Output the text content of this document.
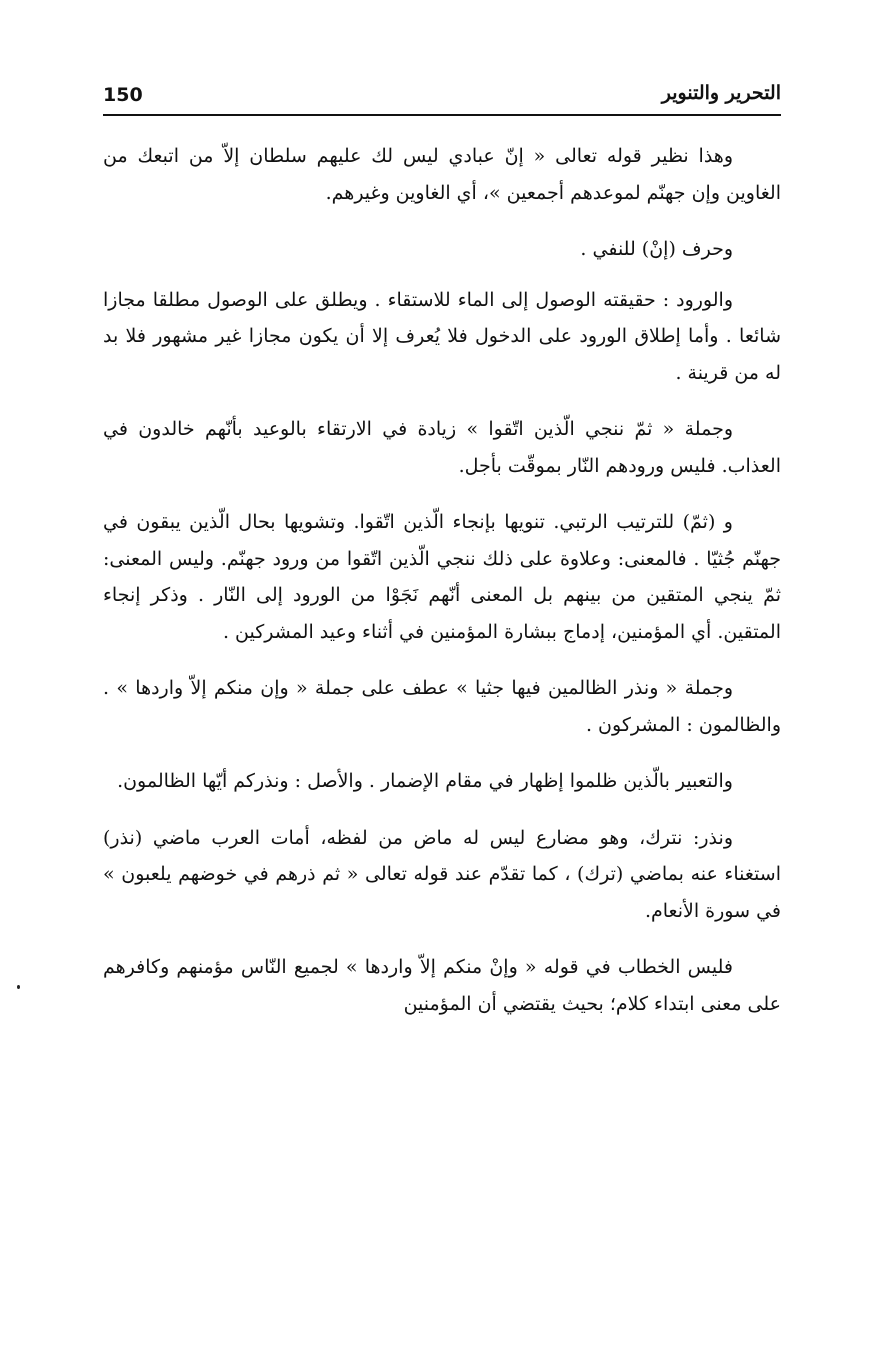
150	التحرير والتنوير

وهذا نظير قوله تعالى « إنّ عبادي ليس لك عليهم سلطان إلاّ من اتبعك من الغاوين وإن جهنّم لموعدهم أجمعين »، أي الغاوين وغيرهم.

وحرف (إنْ) للنفي .

والورود : حقيقته الوصول إلى الماء للاستقاء . ويطلق على الوصول مطلقا مجازا شائعا . وأما إطلاق الورود على الدخول فلا يُعرف إلا أن يكون مجازا غير مشهور فلا بد له من قرينة .

وجملة « ثمّ ننجي الّذين اتّقوا » زيادة في الارتقاء بالوعيد بأنّهم خالدون في العذاب. فليس ورودهم النّار بموقّت بأجل.

و (ثمّ) للترتيب الرتبي. تنويها بإنجاء الّذين اتّقوا. وتشويها بحال الّذين يبقون في جهنّم جُثيّا . فالمعنى: وعلاوة على ذلك ننجي الّذين اتّقوا من ورود جهنّم. وليس المعنى: ثمّ ينجي المتقين من بينهم بل المعنى أنّهم نَجَوْا من الورود إلى النّار . وذكر إنجاء المتقين. أي المؤمنين، إدماج ببشارة المؤمنين في أثناء وعيد المشركين .

وجملة « ونذر الظالمين فيها جثيا » عطف على جملة « وإن منكم إلاّ واردها » . والظالمون : المشركون .

والتعبير بالّذين ظلموا إظهار في مقام الإضمار . والأصل : ونذركم أيّها الظالمون.

ونذر: نترك، وهو مضارع ليس له ماض من لفظه، أمات العرب ماضي (نذر) استغناء عنه بماضي (ترك) ، كما تقدّم عند قوله تعالى « ثم ذرهم في خوضهم يلعبون » في سورة الأنعام.

فليس الخطاب في قوله « وإنْ منكم إلاّ واردها » لجميع النّاس مؤمنهم وكافرهم على معنى ابتداء كلام؛ بحيث يقتضي أن المؤمنين
